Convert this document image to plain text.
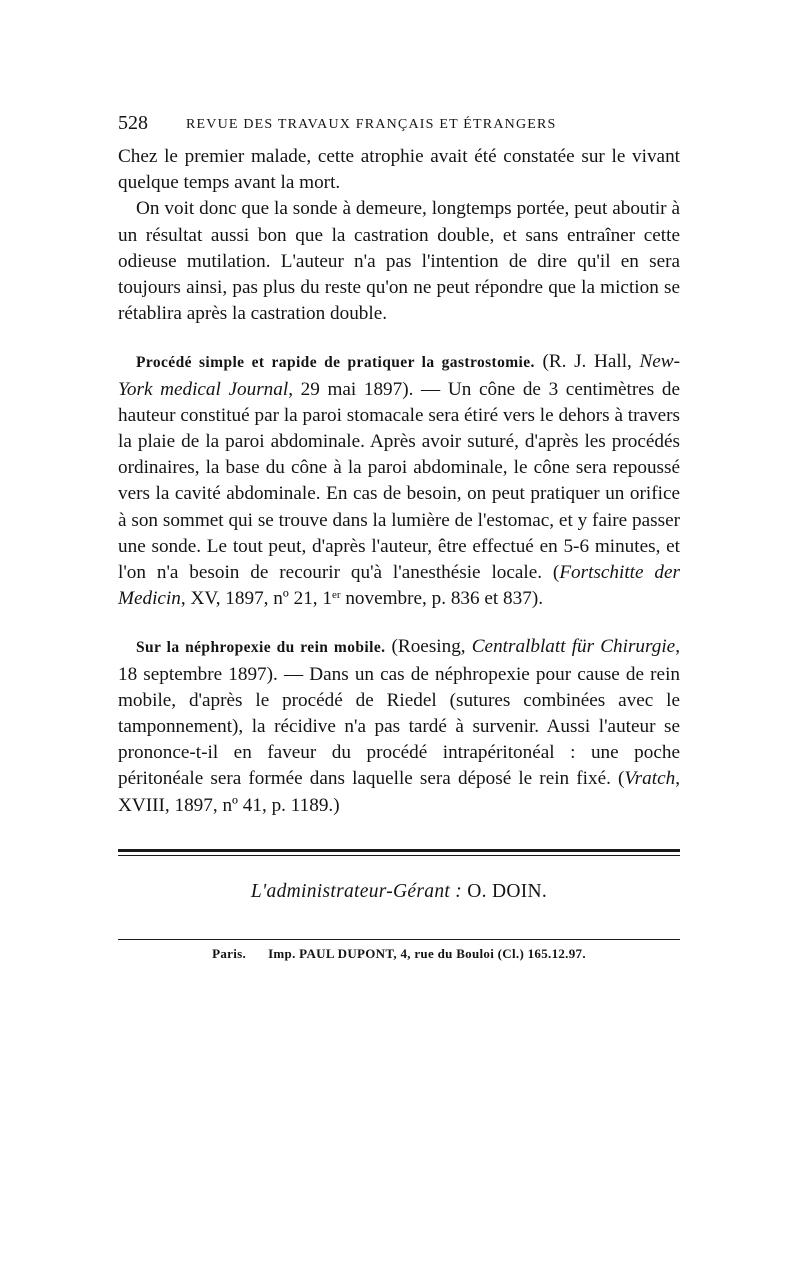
528	REVUE DES TRAVAUX FRANÇAIS ET ÉTRANGERS

Chez le premier malade, cette atrophie avait été constatée sur le vivant quelque temps avant la mort.

On voit donc que la sonde à demeure, longtemps portée, peut aboutir à un résultat aussi bon que la castration double, et sans entraîner cette odieuse mutilation. L'auteur n'a pas l'intention de dire qu'il en sera toujours ainsi, pas plus du reste qu'on ne peut répondre que la miction se rétablira après la castration double.

Procédé simple et rapide de pratiquer la gastrostomie. (R. J. Hall, New-York medical Journal, 29 mai 1897). — Un cône de 3 centimètres de hauteur constitué par la paroi stomacale sera étiré vers le dehors à travers la plaie de la paroi abdominale. Après avoir suturé, d'après les procédés ordinaires, la base du cône à la paroi abdominale, le cône sera repoussé vers la cavité abdominale. En cas de besoin, on peut pratiquer un orifice à son sommet qui se trouve dans la lumière de l'estomac, et y faire passer une sonde. Le tout peut, d'après l'auteur, être effectué en 5-6 minutes, et l'on n'a besoin de recourir qu'à l'anesthésie locale. (Fortschitte der Medicin, XV, 1897, nº 21, 1er novembre, p. 836 et 837).

Sur la néphropexie du rein mobile. (Roesing, Centralblatt für Chirurgie, 18 septembre 1897). — Dans un cas de néphropexie pour cause de rein mobile, d'après le procédé de Riedel (sutures combinées avec le tamponnement), la récidive n'a pas tardé à survenir. Aussi l'auteur se prononce-t-il en faveur du procédé intrapéritonéal : une poche péritonéale sera formée dans laquelle sera déposé le rein fixé. (Vratch, XVIII, 1897, nº 41, p. 1189.)

L'administrateur-Gérant : O. DOIN.
Paris. Imp. PAUL DUPONT, 4, rue du Bouloi (Cl.) 165.12.97.
